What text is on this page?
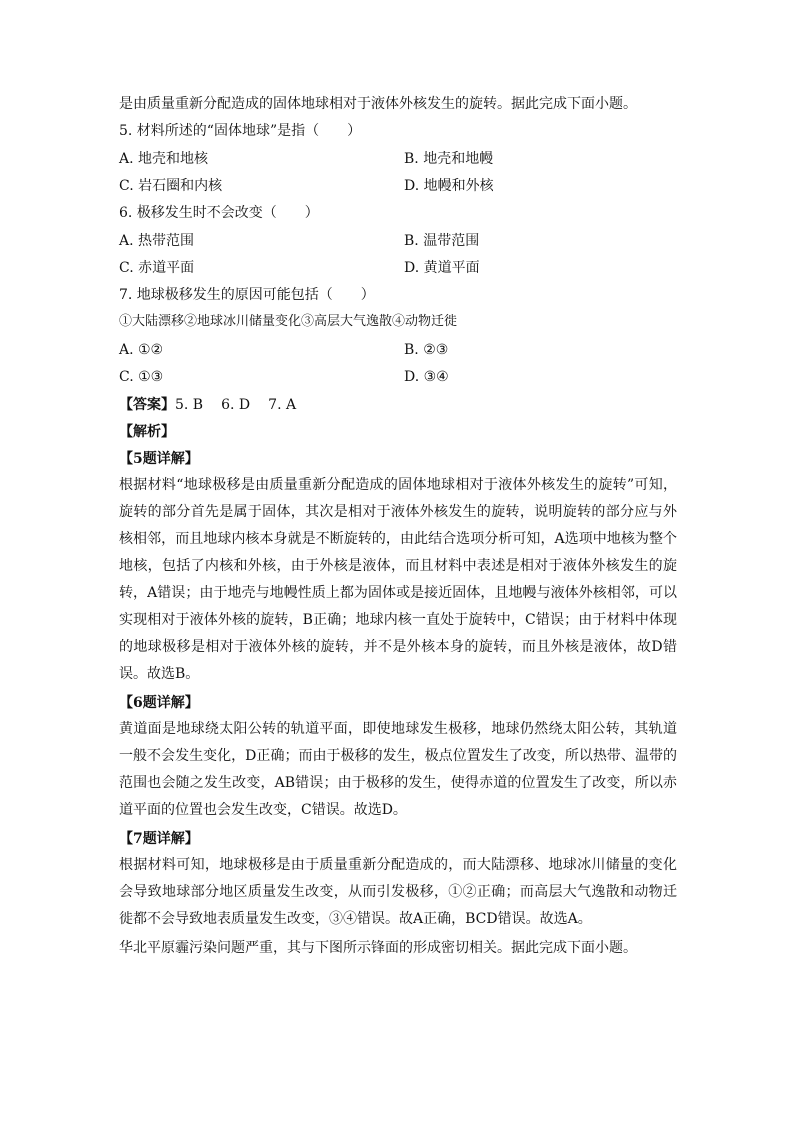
是由质量重新分配造成的固体地球相对于液体外核发生的旋转。据此完成下面小题。
5. 材料所述的“固体地球”是指（　　）
A. 地壳和地核	B. 地壳和地幔
C. 岩石圈和内核	D. 地幔和外核
6. 极移发生时不会改变（　　）
A. 热带范围	B. 温带范围
C. 赤道平面	D. 黄道平面
7. 地球极移发生的原因可能包括（　　）
①大陆漂移②地球冰川储量变化③高层大气逸散④动物迁徙
A. ①②	B. ②③
C. ①③	D. ③④
【答案】5. B 6. D 7. A
【解析】
【5题详解】
根据材料“地球极移是由质量重新分配造成的固体地球相对于液体外核发生的旋转”可知，旋转的部分首先是属于固体，其次是相对于液体外核发生的旋转，说明旋转的部分应与外核相邻，而且地球内核本身就是不断旋转的，由此结合选项分析可知，A选项中地核为整个地核，包括了内核和外核，由于外核是液体，而且材料中表述是相对于液体外核发生的旋转，A错误；由于地壳与地幔性质上都为固体或是接近固体，且地幔与液体外核相邻，可以实现相对于液体外核的旋转，B正确；地球内核一直处于旋转中，C错误；由于材料中体现的地球极移是相对于液体外核的旋转，并不是外核本身的旋转，而且外核是液体，故D错误。故选B。
【6题详解】
黄道面是地球绕太阳公转的轨道平面，即使地球发生极移，地球仍然绕太阳公转，其轨道一般不会发生变化，D正确；而由于极移的发生，极点位置发生了改变，所以热带、温带的范围也会随之发生改变，AB错误；由于极移的发生，使得赤道的位置发生了改变，所以赤道平面的位置也会发生改变，C错误。故选D。
【7题详解】
根据材料可知，地球极移是由于质量重新分配造成的，而大陆漂移、地球冰川储量的变化会导致地球部分地区质量发生改变，从而引发极移，①②正确；而高层大气逸散和动物迁徙都不会导致地表质量发生改变，③④错误。故A正确，BCD错误。故选A。
华北平原霾污染问题严重，其与下图所示锋面的形成密切相关。据此完成下面小题。
